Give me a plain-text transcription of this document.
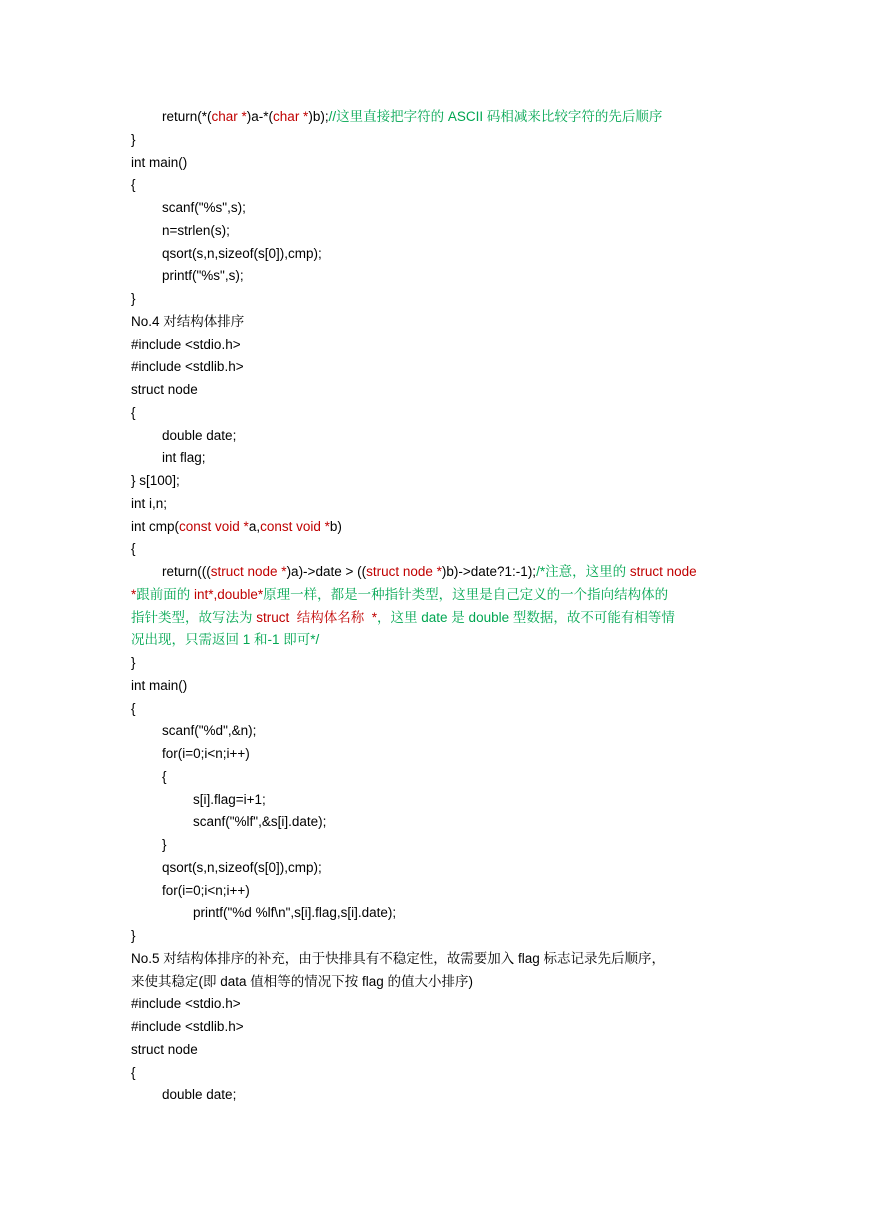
return(*(char *)a-*(char *)b);//这里直接把字符的 ASCII 码相减来比较字符的先后顺序
}
int main()
{
scanf("%s",s);
n=strlen(s);
qsort(s,n,sizeof(s[0]),cmp);
printf("%s",s);
}
No.4 对结构体排序
#include <stdio.h>
#include <stdlib.h>
struct node
{
double date;
int flag;
} s[100];
int i,n;
int cmp(const void *a,const void *b)
{
return(((struct node *)a)->date > ((struct node *)b)->date?1:-1);/*注意，这里的 struct node
*跟前面的 int*,double*原理一样，都是一种指针类型，这里是自己定义的一个指向结构体的
指针类型，故写法为 struct  结构体名称  *，这里 date 是 double 型数据，故不可能有相等情
况出现，只需返回 1 和-1 即可*/
}
int main()
{
scanf("%d",&n);
for(i=0;i<n;i++)
{
s[i].flag=i+1;
scanf("%lf",&s[i].date);
}
qsort(s,n,sizeof(s[0]),cmp);
for(i=0;i<n;i++)
printf("%d %lf\n",s[i].flag,s[i].date);
}
No.5 对结构体排序的补充，由于快排具有不稳定性，故需要加入 flag 标志记录先后顺序，
来使其稳定(即 data 值相等的情况下按 flag 的值大小排序)
#include <stdio.h>
#include <stdlib.h>
struct node
{
double date;
